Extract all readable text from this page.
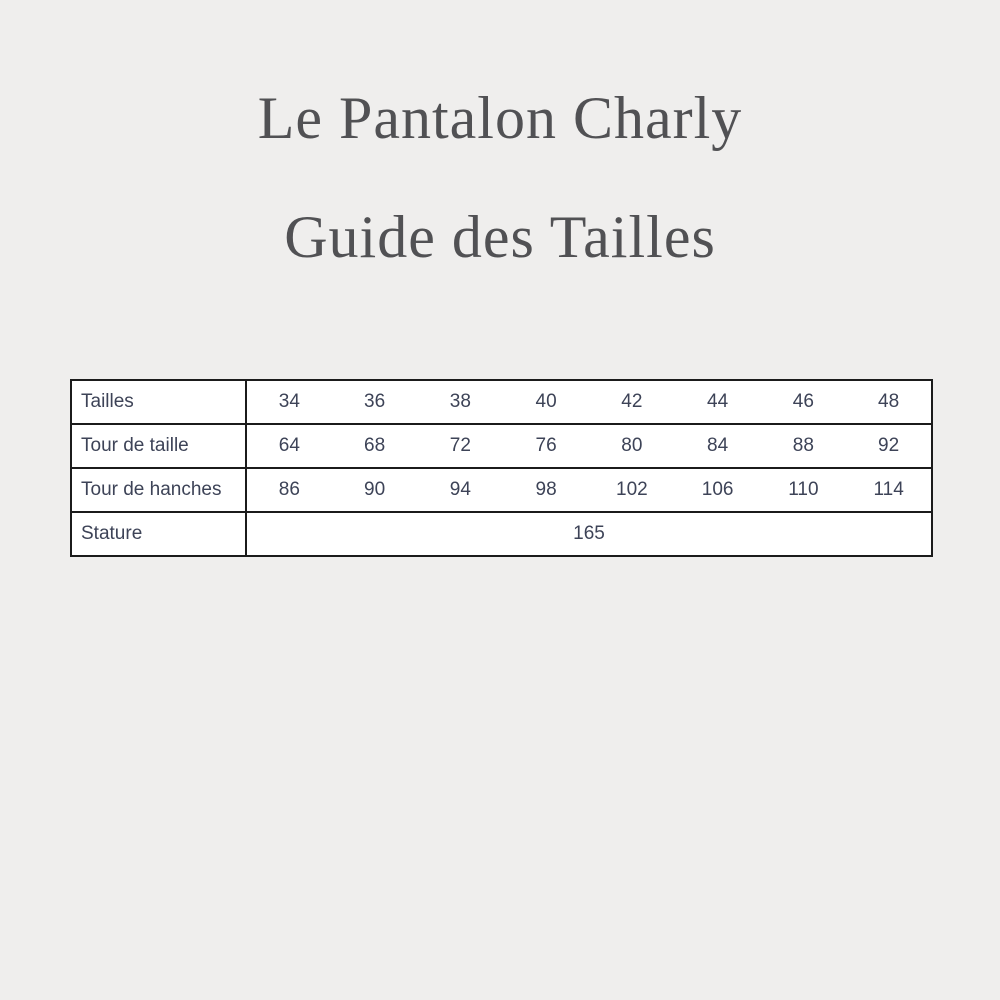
Le Pantalon Charly
Guide des Tailles
Tailles	34	36	38	40	42	44	46	48
Tour de taille	64	68	72	76	80	84	88	92
Tour de hanches	86	90	94	98	102	106	110	114
Stature	165							
